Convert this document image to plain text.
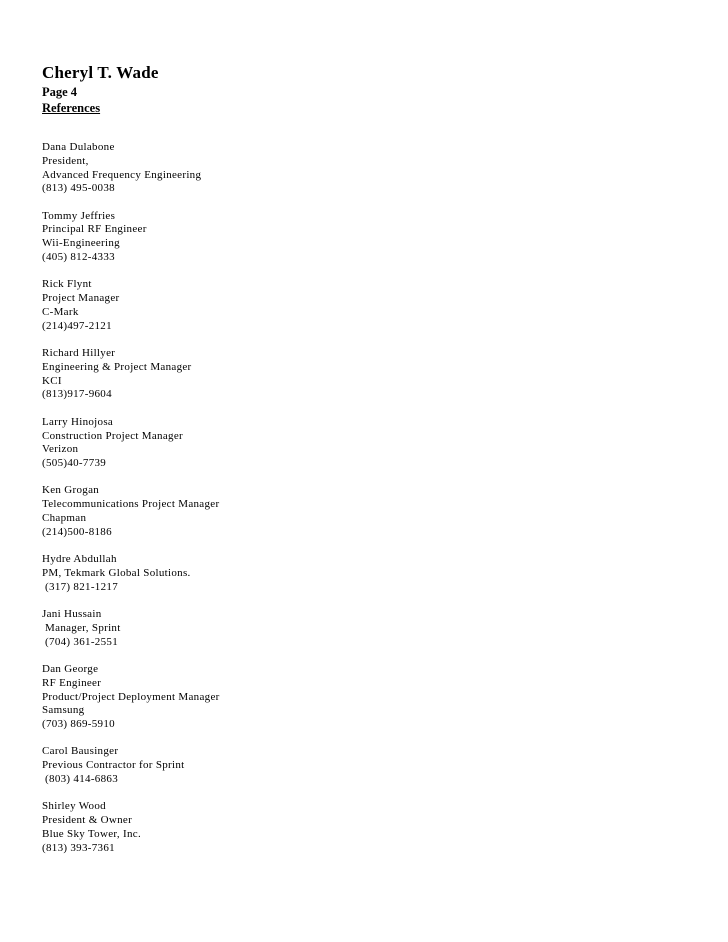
Cheryl T. Wade
Page 4
References
Dana Dulabone
President,
Advanced Frequency Engineering
(813) 495-0038
Tommy Jeffries
Principal RF Engineer
Wii-Engineering
(405) 812-4333
Rick Flynt
Project Manager
C-Mark
(214)497-2121
Richard Hillyer
Engineering & Project Manager
KCI
(813)917-9604
Larry Hinojosa
Construction Project Manager
Verizon
(505)40-7739
Ken Grogan
Telecommunications Project Manager
Chapman
(214)500-8186
Hydre Abdullah
PM, Tekmark Global Solutions.
(317) 821-1217
Jani Hussain
Manager, Sprint
(704) 361-2551
Dan George
RF Engineer
Product/Project Deployment Manager
Samsung
(703) 869-5910
Carol Bausinger
Previous Contractor for Sprint
(803) 414-6863
Shirley Wood
President & Owner
Blue Sky Tower, Inc.
(813) 393-7361
